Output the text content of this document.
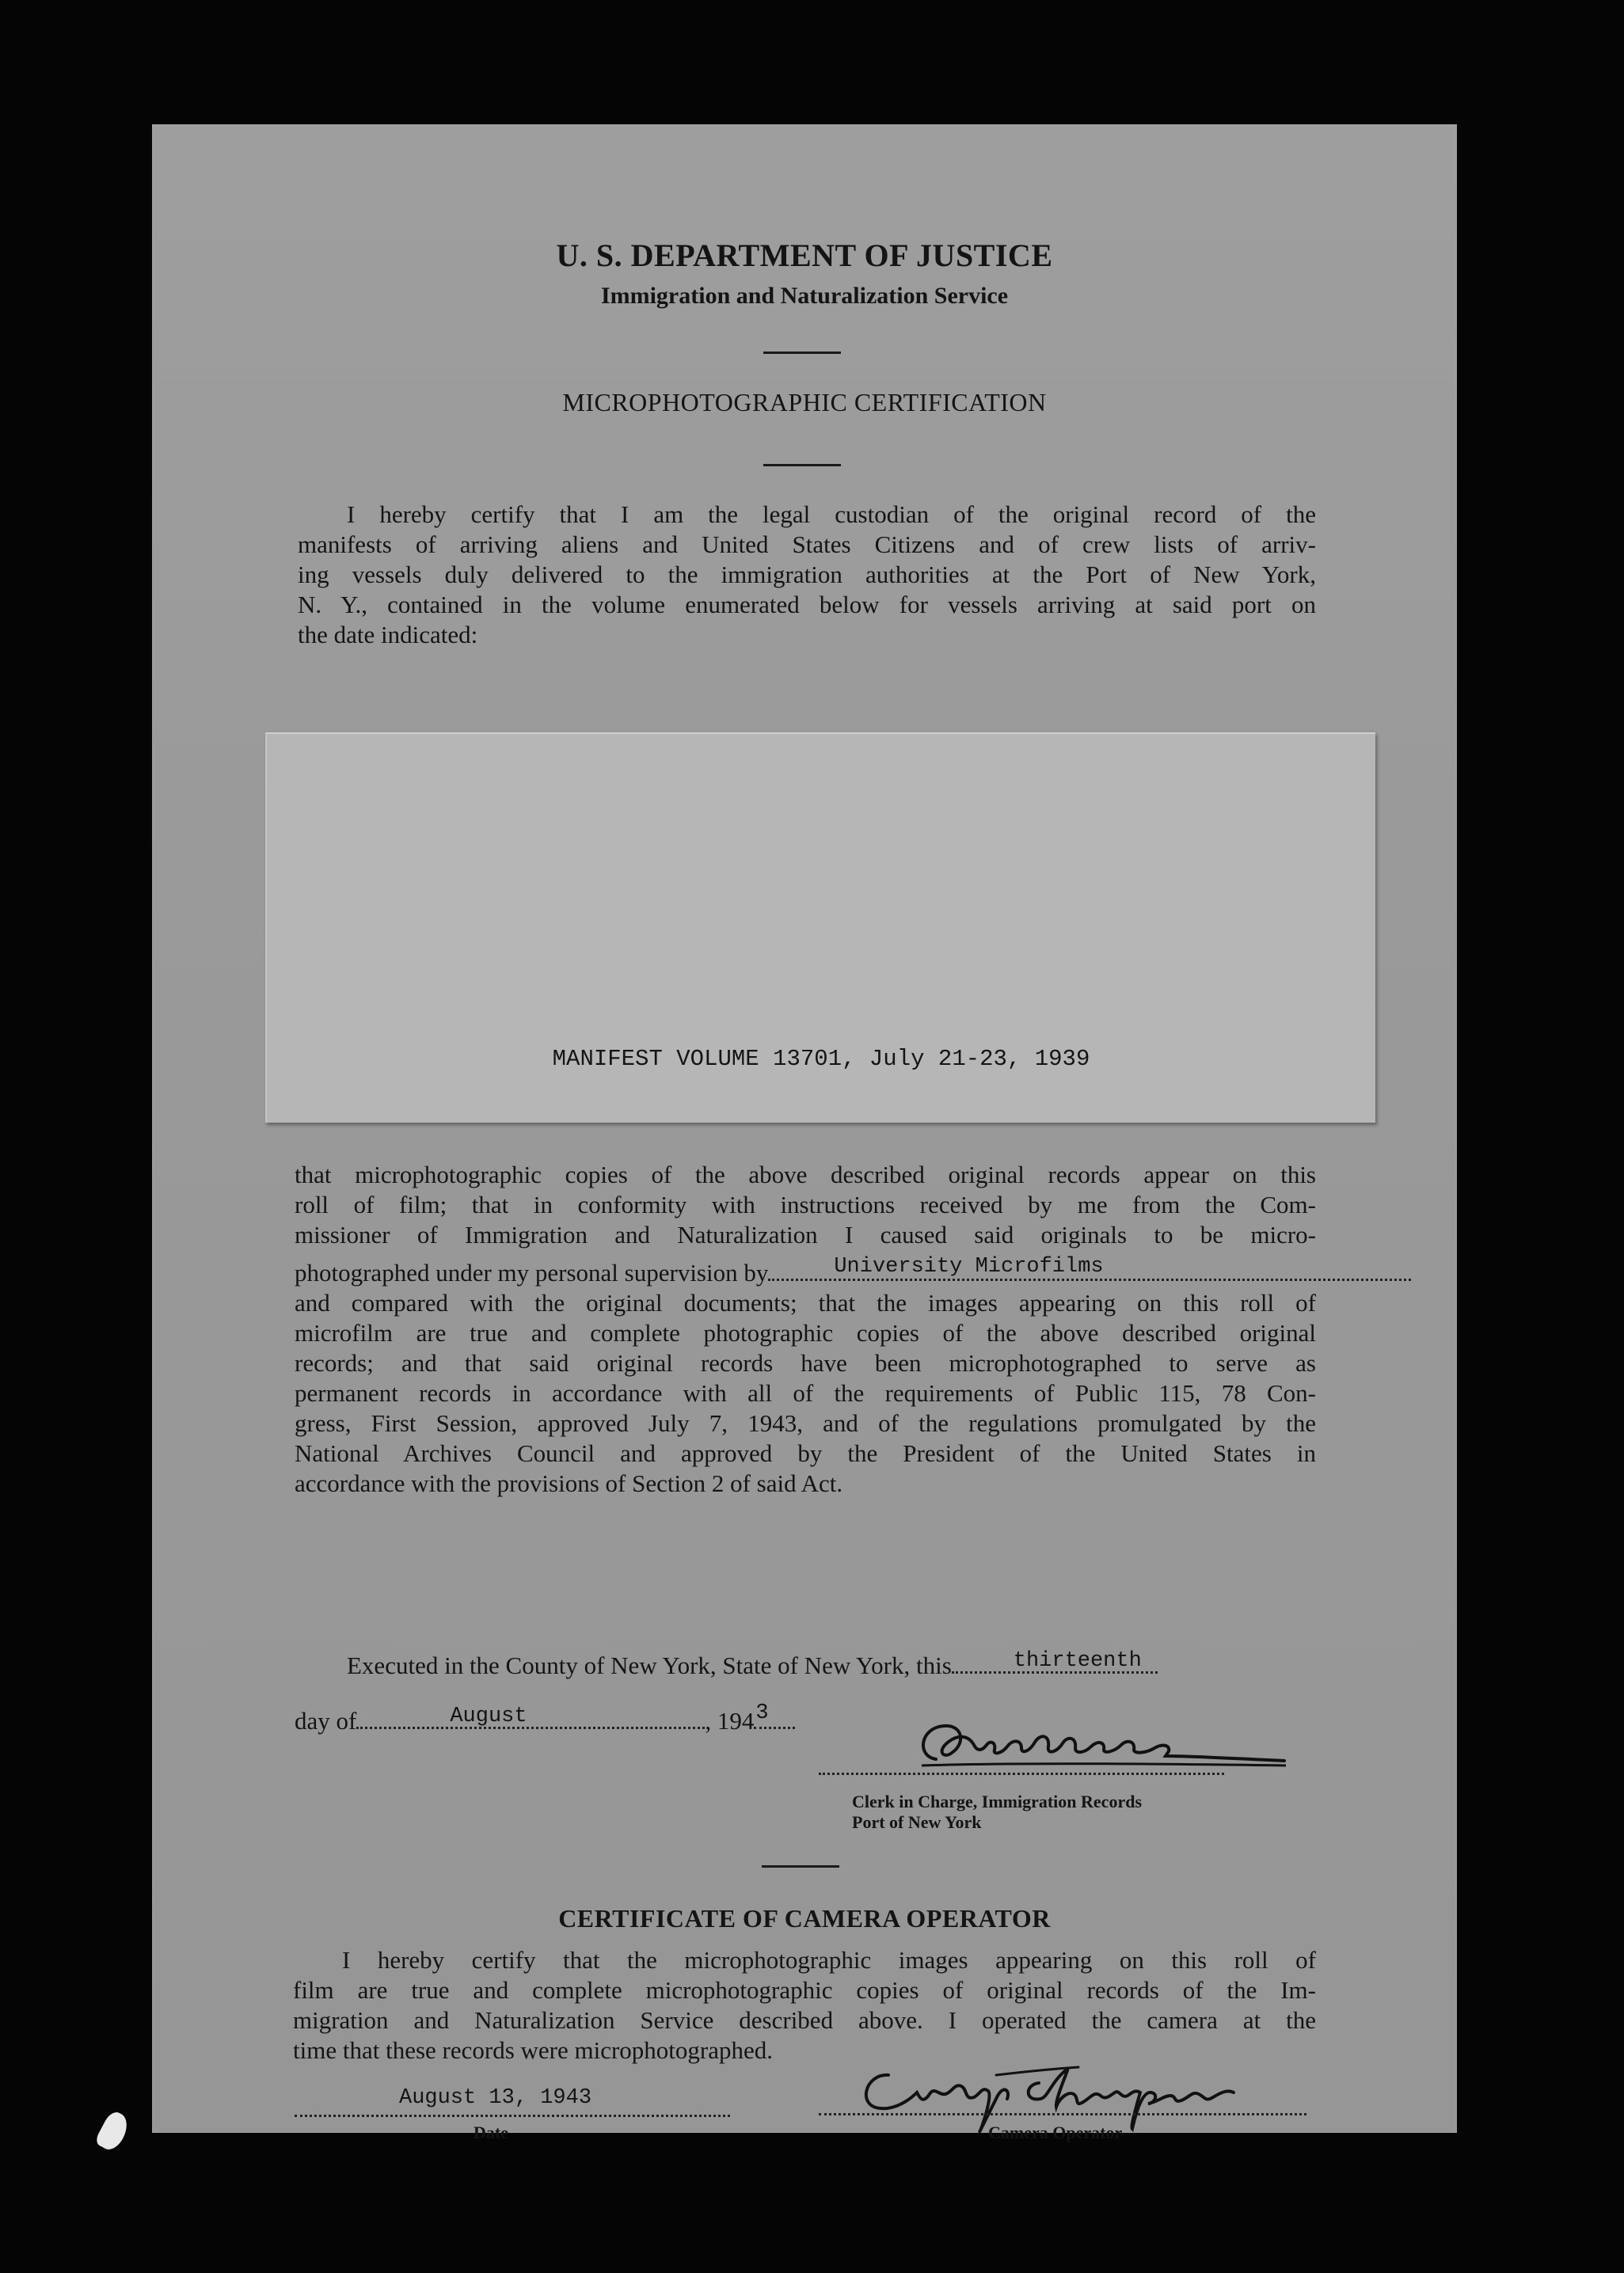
U. S. DEPARTMENT OF JUSTICE
Immigration and Naturalization Service
MICROPHOTOGRAPHIC CERTIFICATION
I hereby certify that I am the legal custodian of the original record of the
manifests of arriving aliens and United States Citizens and of crew lists of arriv-
ing vessels duly delivered to the immigration authorities at the Port of New York,
N. Y., contained in the volume enumerated below for vessels arriving at said port on
the date indicated:
MANIFEST VOLUME 13701, July 21-23, 1939
that microphotographic copies of the above described original records appear on this
roll of film; that in conformity with instructions received by me from the Com-
missioner of Immigration and Naturalization I caused said originals to be micro-
photographed under my personal supervision by	University Microfilms
and compared with the original documents; that the images appearing on this roll of
microfilm are true and complete photographic copies of the above described original
records; and that said original records have been microphotographed to serve as
permanent records in accordance with all of the requirements of Public 115, 78 Con-
gress, First Session, approved July 7, 1943, and of the regulations promulgated by the
National Archives Council and approved by the President of the United States in
accordance with the provisions of Section 2 of said Act.
Executed in the County of New York, State of New York, this	thirteenth
day of	August	, 194 3
Clerk in Charge, Immigration Records
Port of New York
CERTIFICATE OF CAMERA OPERATOR
I hereby certify that the microphotographic images appearing on this roll of
film are true and complete microphotographic copies of original records of the Im-
migration and Naturalization Service described above. I operated the camera at the
time that these records were microphotographed.
August 13, 1943
Date	Camera Operator
